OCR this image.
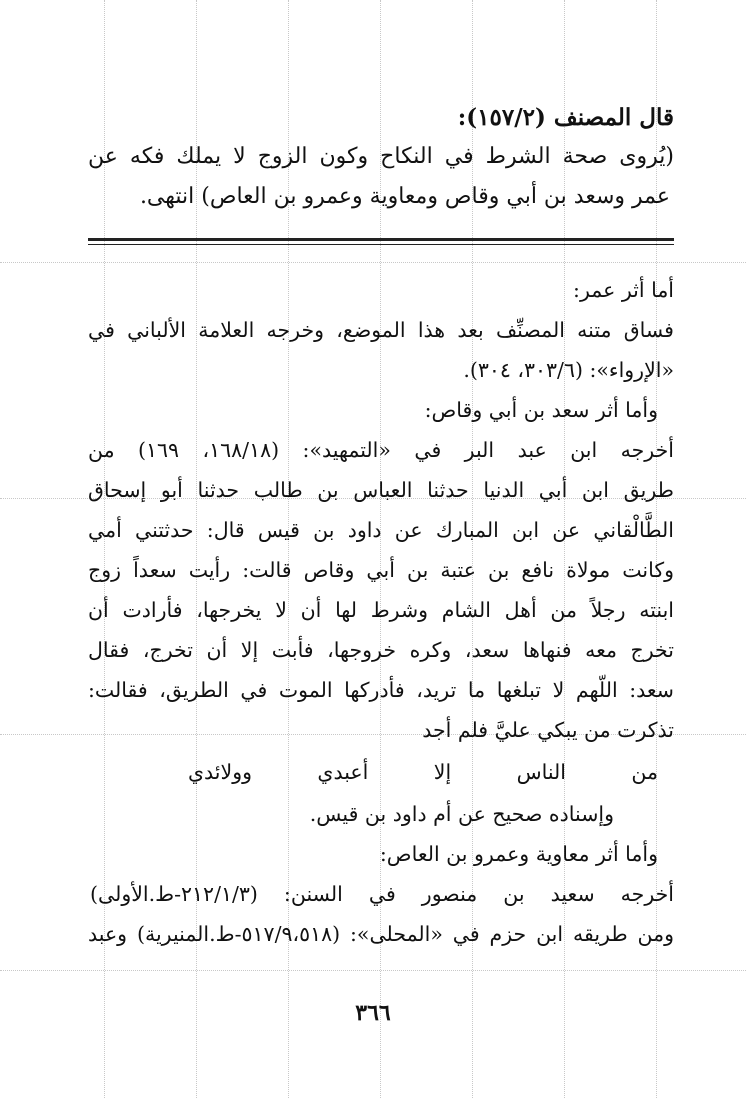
قال المصنف (١٥٧/٢):
(يُروى صحة الشرط في النكاح وكون الزوج لا يملك فكه عن
عمر وسعد بن أبي وقاص ومعاوية وعمرو بن العاص) انتهى.
أما أثر عمر:
فساق متنه المصنِّف بعد هذا الموضع، وخرجه العلامة الألباني في
«الإرواء»: (٣٠٣/٦، ٣٠٤).
وأما أثر سعد بن أبي وقاص:
أخرجه ابن عبد البر في «التمهيد»: (١٦٨/١٨، ١٦٩) من
طريق ابن أبي الدنيا حدثنا العباس بن طالب حدثنا أبو إسحاق
الطَّالْقاني عن ابن المبارك عن داود بن قيس قال: حدثتني أمي
وكانت مولاة نافع بن عتبة بن أبي وقاص قالت: رأيت سعداً زوج
ابنته رجلاً من أهل الشام وشرط لها أن لا يخرجها، فأرادت أن
تخرج معه فنهاها سعد، وكره خروجها، فأبت إلا أن تخرج، فقال
سعد: اللّهم لا تبلغها ما تريد، فأدركها الموت في الطريق، فقالت:
تذكرت من يبكي عليَّ فلم أجد
من الناس إلا أعبدي وولائدي
وإسناده صحيح عن أم داود بن قيس.
وأما أثر معاوية وعمرو بن العاص:
أخرجه سعيد بن منصور في السنن: (٢١٢/١/٣-ط.الأولى)
ومن طريقه ابن حزم في «المحلى»: (٥١٧/٩،٥١٨-ط.المنيرية) وعبد
٣٦٦
